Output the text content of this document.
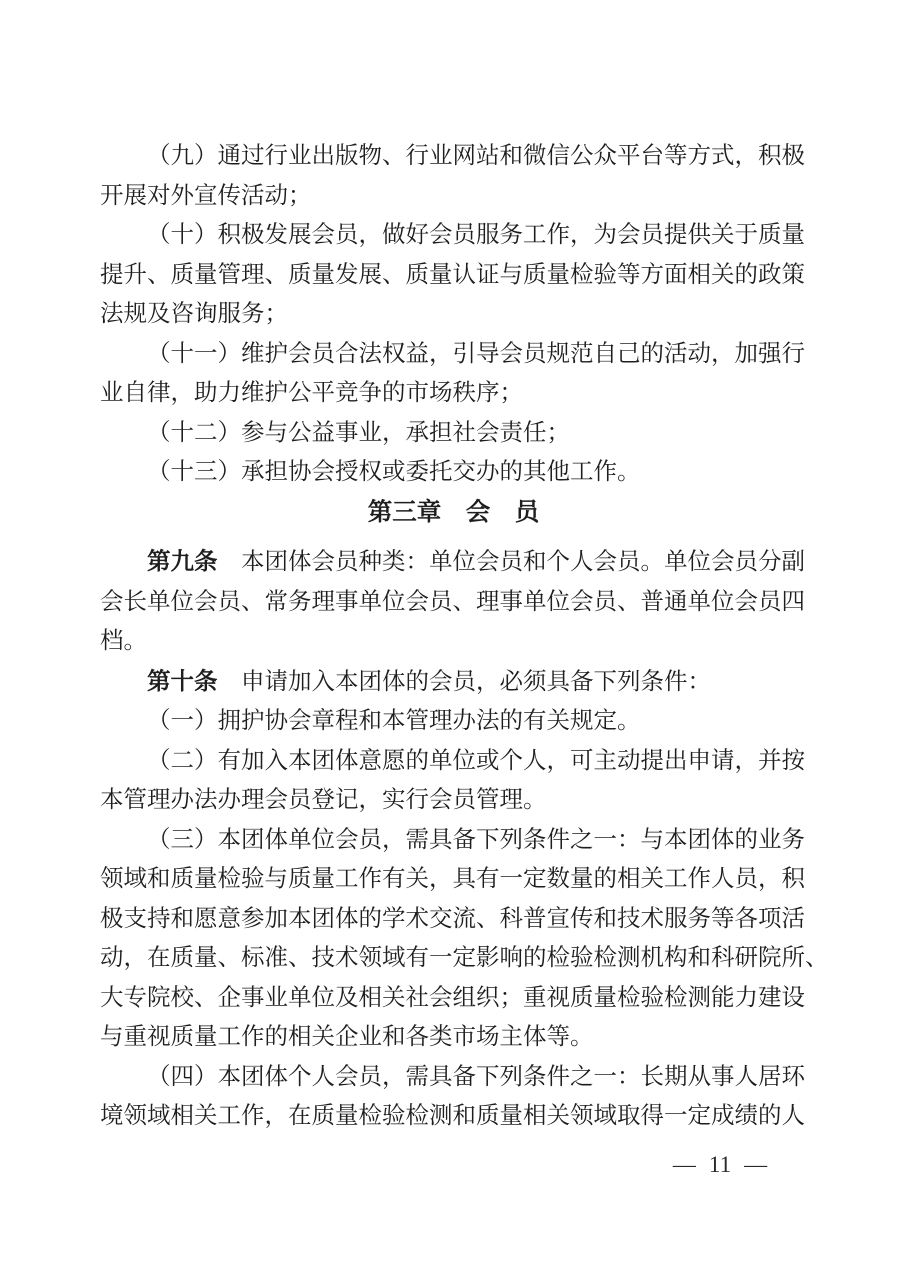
（九）通过行业出版物、行业网站和微信公众平台等方式，积极
开展对外宣传活动；
（十）积极发展会员，做好会员服务工作，为会员提供关于质量
提升、质量管理、质量发展、质量认证与质量检验等方面相关的政策
法规及咨询服务；
（十一）维护会员合法权益，引导会员规范自己的活动，加强行
业自律，助力维护公平竞争的市场秩序；
（十二）参与公益事业，承担社会责任；
（十三）承担协会授权或委托交办的其他工作。
第三章　会　员
第九条　本团体会员种类：单位会员和个人会员。单位会员分副
会长单位会员、常务理事单位会员、理事单位会员、普通单位会员四
档。
第十条　申请加入本团体的会员，必须具备下列条件：
（一）拥护协会章程和本管理办法的有关规定。
（二）有加入本团体意愿的单位或个人，可主动提出申请，并按
本管理办法办理会员登记，实行会员管理。
（三）本团体单位会员，需具备下列条件之一：与本团体的业务
领域和质量检验与质量工作有关，具有一定数量的相关工作人员，积
极支持和愿意参加本团体的学术交流、科普宣传和技术服务等各项活
动，在质量、标准、技术领域有一定影响的检验检测机构和科研院所、
大专院校、企事业单位及相关社会组织；重视质量检验检测能力建设
与重视质量工作的相关企业和各类市场主体等。
（四）本团体个人会员，需具备下列条件之一：长期从事人居环
境领域相关工作，在质量检验检测和质量相关领域取得一定成绩的人
— 11 —
